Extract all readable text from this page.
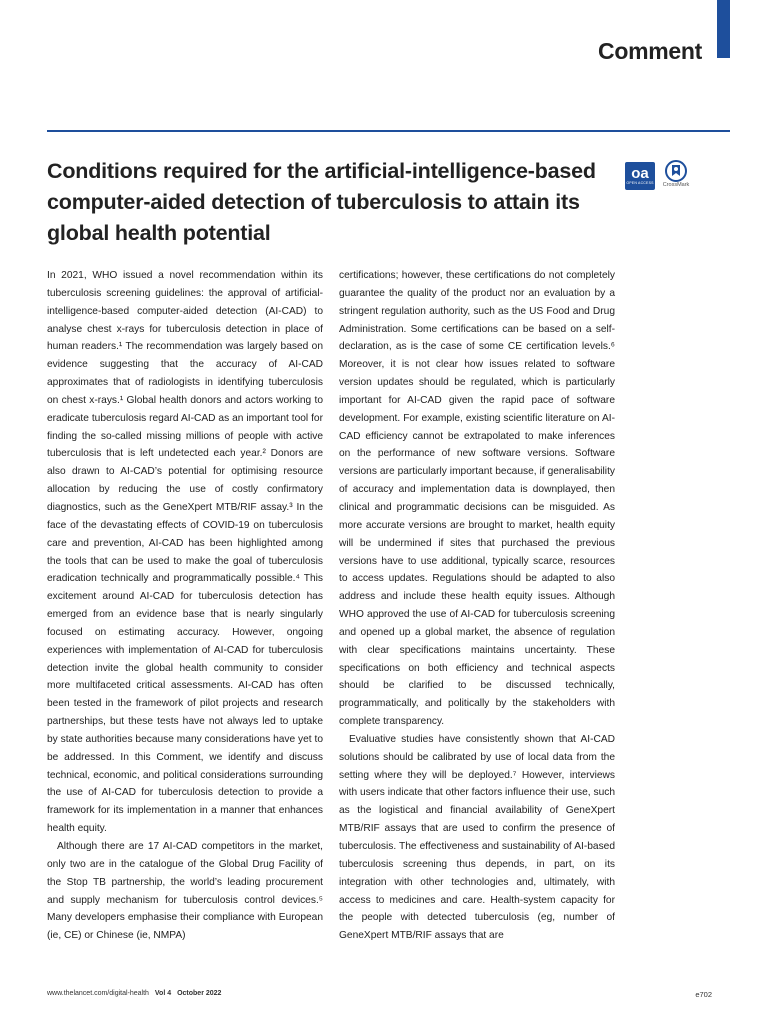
Comment
Conditions required for the artificial-intelligence-based computer-aided detection of tuberculosis to attain its global health potential
oa
OPEN ACCESS	CrossMark

In 2021, WHO issued a novel recommendation within its tuberculosis screening guidelines: the approval of artificial-intelligence-based computer-aided detection (AI-CAD) to analyse chest x-rays for tuberculosis detection in place of human readers.¹ The recommendation was largely based on evidence suggesting that the accuracy of AI-CAD approximates that of radiologists in identifying tuberculosis on chest x-rays.¹ Global health donors and actors working to eradicate tuberculosis regard AI-CAD as an important tool for finding the so-called missing millions of people with active tuberculosis that is left undetected each year.² Donors are also drawn to AI-CAD’s potential for optimising resource allocation by reducing the use of costly confirmatory diagnostics, such as the GeneXpert MTB/RIF assay.³ In the face of the devastating effects of COVID-19 on tuberculosis care and prevention, AI-CAD has been highlighted among the tools that can be used to make the goal of tuberculosis eradication technically and programmatically possible.⁴ This excitement around AI-CAD for tuberculosis detection has emerged from an evidence base that is nearly singularly focused on estimating accuracy. However, ongoing experiences with implementation of AI-CAD for tuberculosis detection invite the global health community to consider more multifaceted critical assessments. AI-CAD has often been tested in the framework of pilot projects and research partnerships, but these tests have not always led to uptake by state authorities because many considerations have yet to be addressed. In this Comment, we identify and discuss technical, economic, and political considerations surrounding the use of AI-CAD for tuberculosis detection to provide a framework for its implementation in a manner that enhances health equity.

Although there are 17 AI-CAD competitors in the market, only two are in the catalogue of the Global Drug Facility of the Stop TB partnership, the world’s leading procurement and supply mechanism for tuberculosis control devices.⁵ Many developers emphasise their compliance with European (ie, CE) or Chinese (ie, NMPA)

certifications; however, these certifications do not completely guarantee the quality of the product nor an evaluation by a stringent regulation authority, such as the US Food and Drug Administration. Some certifications can be based on a self-declaration, as is the case of some CE certification levels.⁶ Moreover, it is not clear how issues related to software version updates should be regulated, which is particularly important for AI-CAD given the rapid pace of software development. For example, existing scientific literature on AI-CAD efficiency cannot be extrapolated to make inferences on the performance of new software versions. Software versions are particularly important because, if generalisability of accuracy and implementation data is downplayed, then clinical and programmatic decisions can be misguided. As more accurate versions are brought to market, health equity will be undermined if sites that purchased the previous versions have to use additional, typically scarce, resources to access updates. Regulations should be adapted to also address and include these health equity issues. Although WHO approved the use of AI-CAD for tuberculosis screening and opened up a global market, the absence of regulation with clear specifications maintains uncertainty. These specifications on both efficiency and technical aspects should be clarified to be discussed technically, programmatically, and politically by the stakeholders with complete transparency.

Evaluative studies have consistently shown that AI-CAD solutions should be calibrated by use of local data from the setting where they will be deployed.⁷ However, interviews with users indicate that other factors influence their use, such as the logistical and financial availability of GeneXpert MTB/RIF assays that are used to confirm the presence of tuberculosis. The effectiveness and sustainability of AI-based tuberculosis screening thus depends, in part, on its integration with other technologies and, ultimately, with access to medicines and care. Health-system capacity for the people with detected tuberculosis (eg, number of GeneXpert MTB/RIF assays that are

www.thelancet.com/digital-health Vol 4 October 2022	e702
